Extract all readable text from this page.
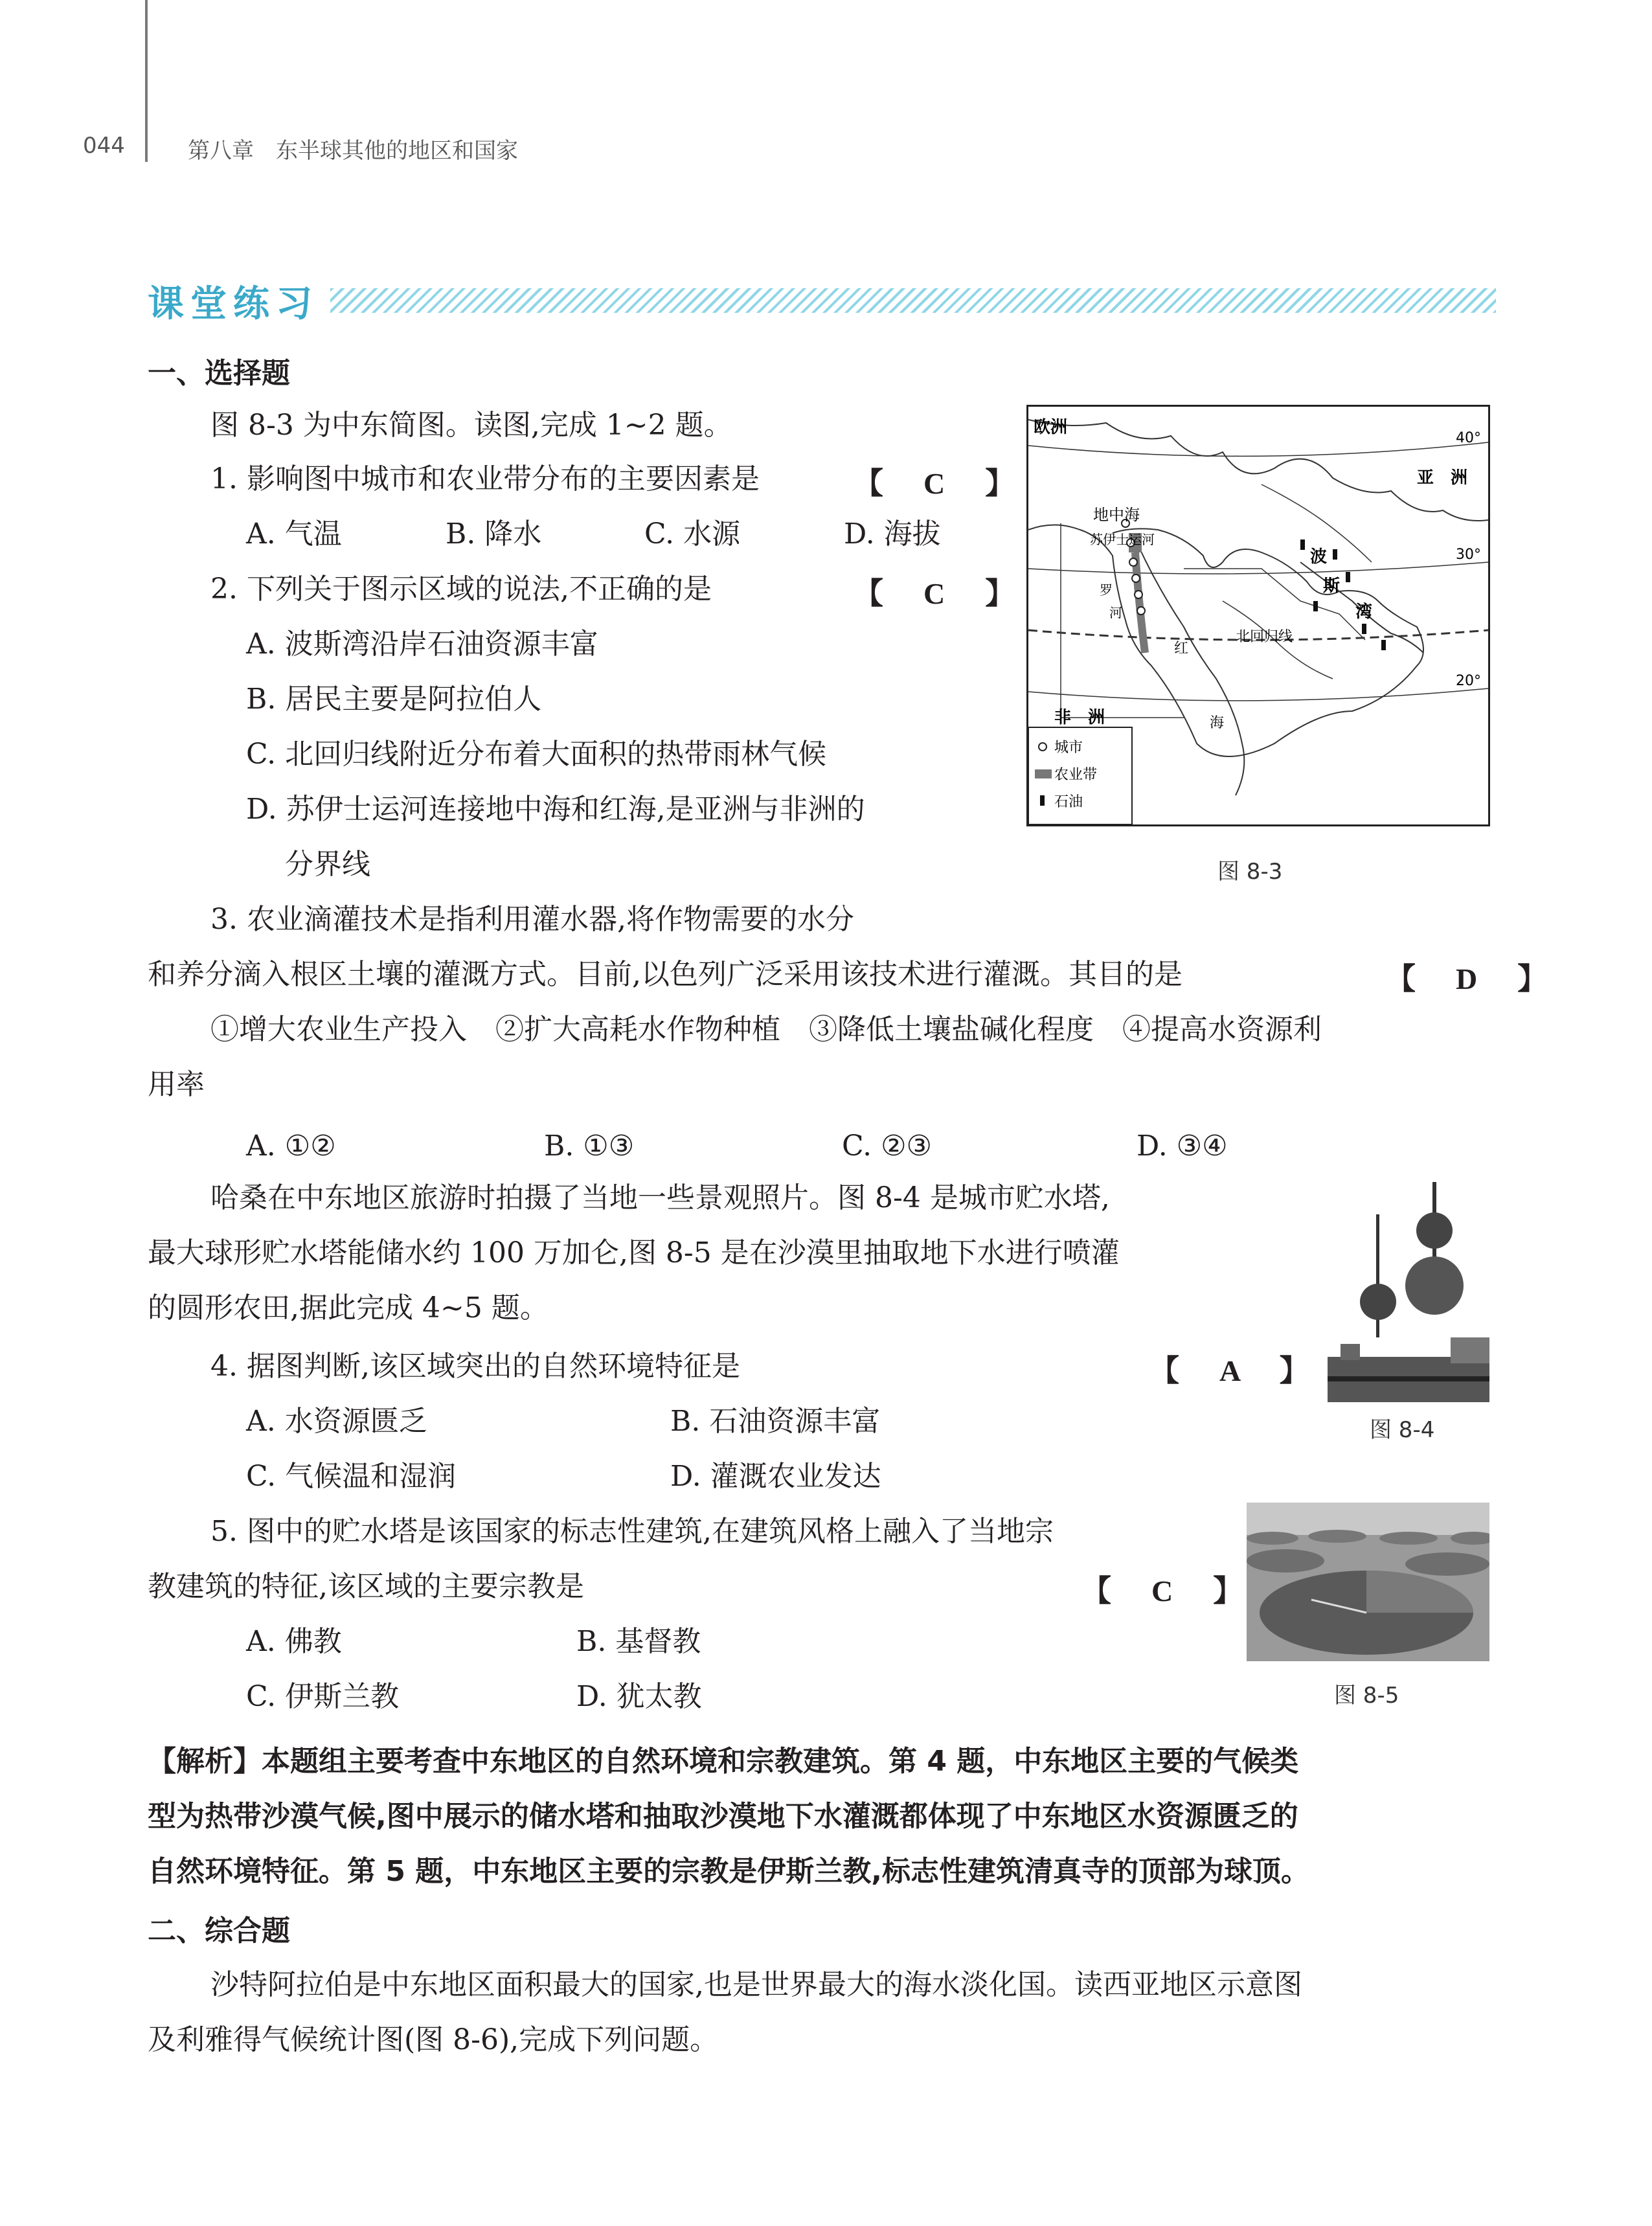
044	第八章　东半球其他的地区和国家
课堂练习
一、选择题
图 8-3 为中东简图。读图,完成 1~2 题。
1. 影响图中城市和农业带分布的主要因素是	【　C　】
A. 气温	B. 降水	C. 水源	D. 海拔
2. 下列关于图示区域的说法,不正确的是	【　C　】
A. 波斯湾沿岸石油资源丰富
B. 居民主要是阿拉伯人
C. 北回归线附近分布着大面积的热带雨林气候
D. 苏伊士运河连接地中海和红海,是亚洲与非洲的
分界线
欧洲
亚　洲
非　洲
地中海
苏伊士运河
40°
30°
20°
北回归线
罗
河
红
海
波
斯
湾
城市
农业带
石油
图 8-3
3. 农业滴灌技术是指利用灌水器,将作物需要的水分
和养分滴入根区土壤的灌溉方式。目前,以色列广泛采用该技术进行灌溉。其目的是	【　D　】
①增大农业生产投入　②扩大高耗水作物种植　③降低土壤盐碱化程度　④提高水资源利
用率
A. ①②	B. ①③	C. ②③	D. ③④
哈桑在中东地区旅游时拍摄了当地一些景观照片。图 8-4 是城市贮水塔,
最大球形贮水塔能储水约 100 万加仑,图 8-5 是在沙漠里抽取地下水进行喷灌
的圆形农田,据此完成 4~5 题。
图 8-4
4. 据图判断,该区域突出的自然环境特征是	【　A　】
A. 水资源匮乏	B. 石油资源丰富
C. 气候温和湿润	D. 灌溉农业发达
图 8-5
5. 图中的贮水塔是该国家的标志性建筑,在建筑风格上融入了当地宗
教建筑的特征,该区域的主要宗教是	【　C　】
A. 佛教	B. 基督教
C. 伊斯兰教	D. 犹太教
【解析】本题组主要考查中东地区的自然环境和宗教建筑。第 4 题，中东地区主要的气候类
型为热带沙漠气候,图中展示的储水塔和抽取沙漠地下水灌溉都体现了中东地区水资源匮乏的
自然环境特征。第 5 题，中东地区主要的宗教是伊斯兰教,标志性建筑清真寺的顶部为球顶。
二、综合题
沙特阿拉伯是中东地区面积最大的国家,也是世界最大的海水淡化国。读西亚地区示意图
及利雅得气候统计图(图 8-6),完成下列问题。
